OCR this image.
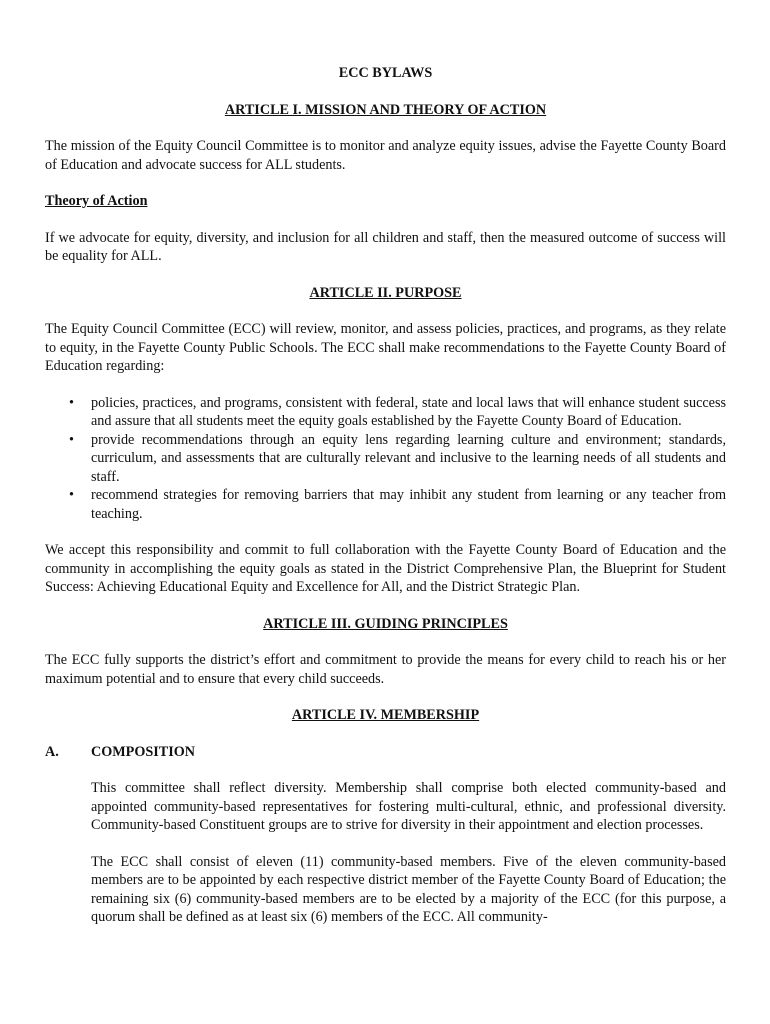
ECC BYLAWS
ARTICLE I. MISSION AND THEORY OF ACTION

The mission of the Equity Council Committee is to monitor and analyze equity issues, advise the Fayette County Board of Education and advocate success for ALL students.

Theory of Action

If we advocate for equity, diversity, and inclusion for all children and staff, then the measured outcome of success will be equality for ALL.

ARTICLE II. PURPOSE

The Equity Council Committee (ECC) will review, monitor, and assess policies, practices, and programs, as they relate to equity, in the Fayette County Public Schools. The ECC shall make recommendations to the Fayette County Board of Education regarding:

• policies, practices, and programs, consistent with federal, state and local laws that will enhance student success and assure that all students meet the equity goals established by the Fayette County Board of Education.
• provide recommendations through an equity lens regarding learning culture and environment; standards, curriculum, and assessments that are culturally relevant and inclusive to the learning needs of all students and staff.
• recommend strategies for removing barriers that may inhibit any student from learning or any teacher from teaching.

We accept this responsibility and commit to full collaboration with the Fayette County Board of Education and the community in accomplishing the equity goals as stated in the District Comprehensive Plan, the Blueprint for Student Success: Achieving Educational Equity and Excellence for All, and the District Strategic Plan.

ARTICLE III. GUIDING PRINCIPLES

The ECC fully supports the district’s effort and commitment to provide the means for every child to reach his or her maximum potential and to ensure that every child succeeds.

ARTICLE IV. MEMBERSHIP
A.	COMPOSITION

This committee shall reflect diversity. Membership shall comprise both elected community-based and appointed community-based representatives for fostering multi-cultural, ethnic, and professional diversity. Community-based Constituent groups are to strive for diversity in their appointment and election processes.

The ECC shall consist of eleven (11) community-based members. Five of the eleven community-based members are to be appointed by each respective district member of the Fayette County Board of Education; the remaining six (6) community-based members are to be elected by a majority of the ECC (for this purpose, a quorum shall be defined as at least six (6) members of the ECC. All community-
